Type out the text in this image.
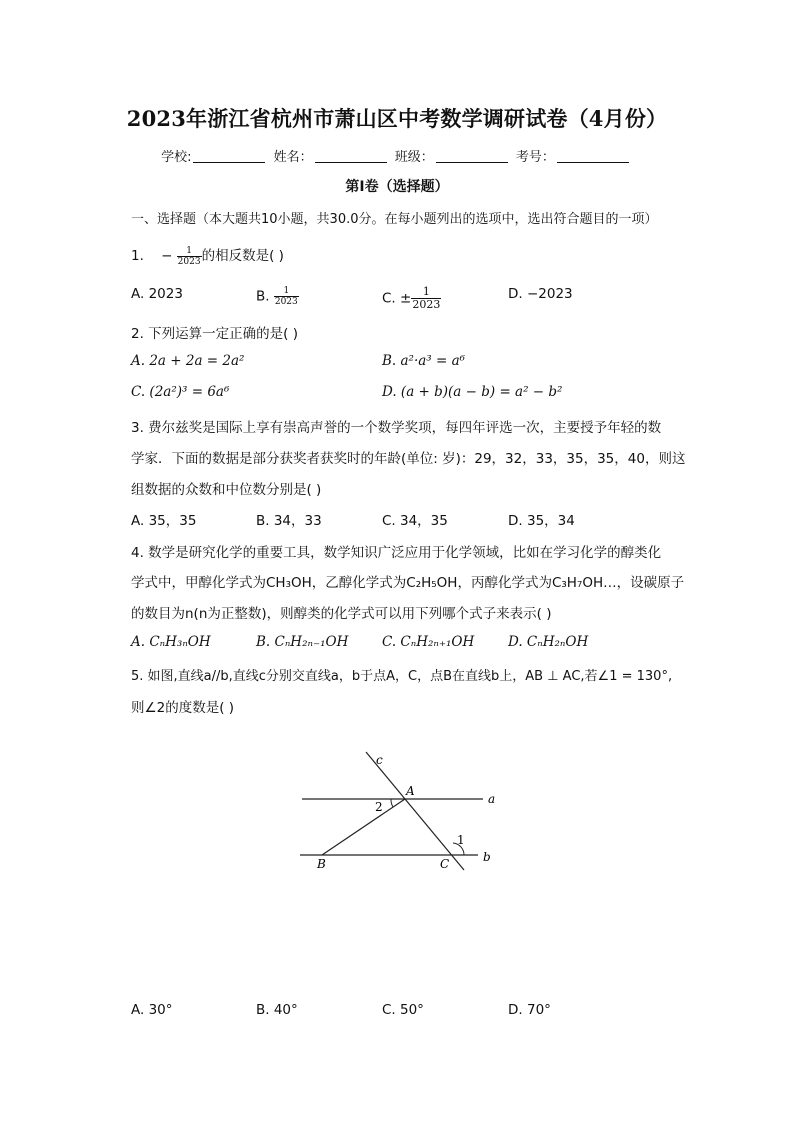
2023年浙江省杭州市萧山区中考数学调研试卷（4月份）
学校:	姓名：	班级：	考号：
第I卷（选择题）
一、选择题（本大题共10小题，共30.0分。在每小题列出的选项中，选出符合题目的一项）
1. − $\frac{1}{2023}$ 的相反数是( )
A. 2023	B. $\frac{1}{2023}$	C. ± $\frac{1}{2023}$	D. −2023
2. 下列运算一定正确的是( )
A. 2a + 2a = 2a²	B. a²·a³ = a⁶
C. (2a²)³ = 6a⁶	D. (a + b)(a − b) = a² − b²
3. 费尔兹奖是国际上享有崇高声誉的一个数学奖项，每四年评选一次，主要授予年轻的数
学家．下面的数据是部分获奖者获奖时的年龄(单位: 岁)：29，32，33，35，35，40，则这
组数据的众数和中位数分别是( )
A. 35，35	B. 34，33	C. 34，35	D. 35，34
4. 数学是研究化学的重要工具，数学知识广泛应用于化学领域，比如在学习化学的醇类化
学式中，甲醇化学式为CH₃OH，乙醇化学式为C₂H₅OH，丙醇化学式为C₃H₇OH…，设碳原子
的数目为n(n为正整数)，则醇类的化学式可以用下列哪个式子来表示( )
A. CₙH₃ₙOH	B. CₙH₂ₙ₋₁OH C. CₙH₂ₙ₊₁OH D. CₙH₂ₙOH
5. 如图,直线a//b,直线c分别交直线a，b于点A，C，点B在直线b上，AB ⊥ AC,若∠1 = 130°,
则∠2的度数是( )
c
A
a
2
1
B	C	b
A. 30°	B. 40°	C. 50°	D. 70°
